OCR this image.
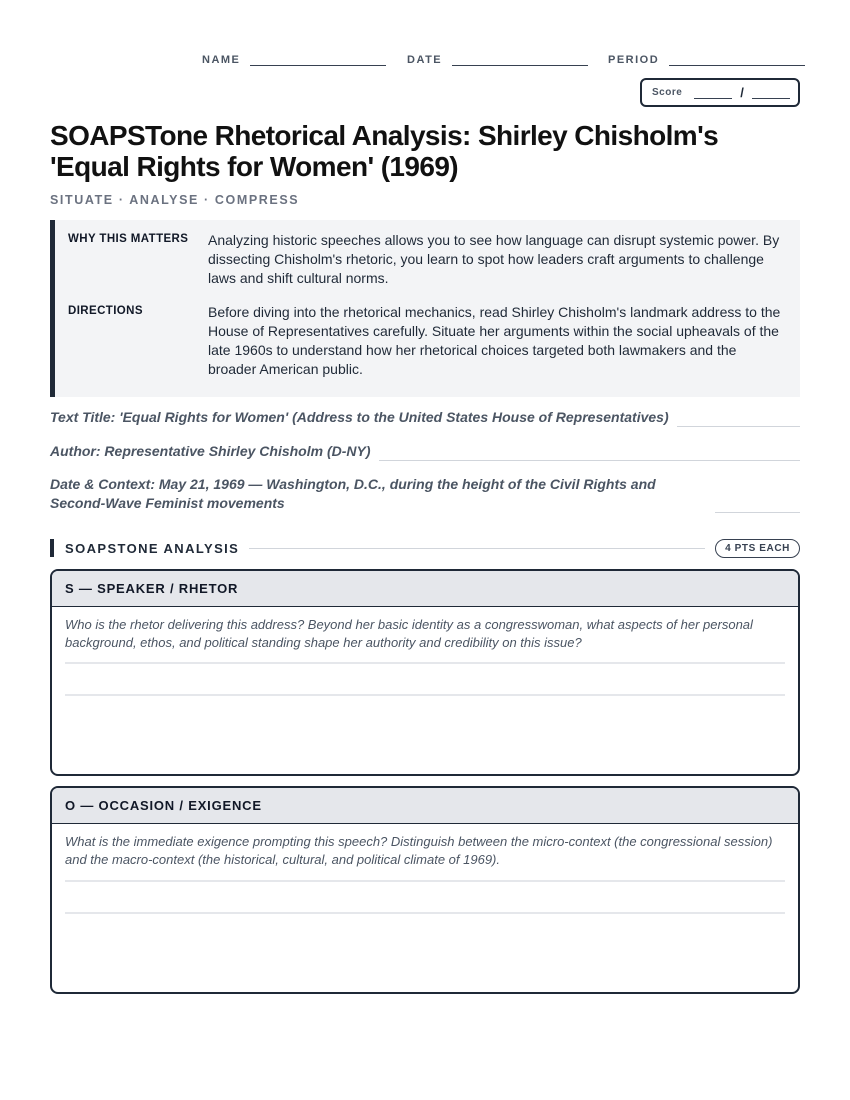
NAME	DATE	PERIOD
Score	/
SOAPSTone Rhetorical Analysis: Shirley Chisholm's 'Equal Rights for Women' (1969)
SITUATE · ANALYSE · COMPRESS
WHY THIS MATTERS	Analyzing historic speeches allows you to see how language can disrupt systemic power. By dissecting Chisholm's rhetoric, you learn to spot how leaders craft arguments to challenge laws and shift cultural norms.
DIRECTIONS	Before diving into the rhetorical mechanics, read Shirley Chisholm's landmark address to the House of Representatives carefully. Situate her arguments within the social upheavals of the late 1960s to understand how her rhetorical choices targeted both lawmakers and the broader American public.
Text Title: 'Equal Rights for Women' (Address to the United States House of Representatives)
Author: Representative Shirley Chisholm (D-NY)
Date & Context: May 21, 1969 — Washington, D.C., during the height of the Civil Rights and Second-Wave Feminist movements
SOAPSTONE ANALYSIS	4 PTS EACH
S — SPEAKER / RHETOR
Who is the rhetor delivering this address? Beyond her basic identity as a congresswoman, what aspects of her personal background, ethos, and political standing shape her authority and credibility on this issue?
O — OCCASION / EXIGENCE
What is the immediate exigence prompting this speech? Distinguish between the micro-context (the congressional session) and the macro-context (the historical, cultural, and political climate of 1969).
